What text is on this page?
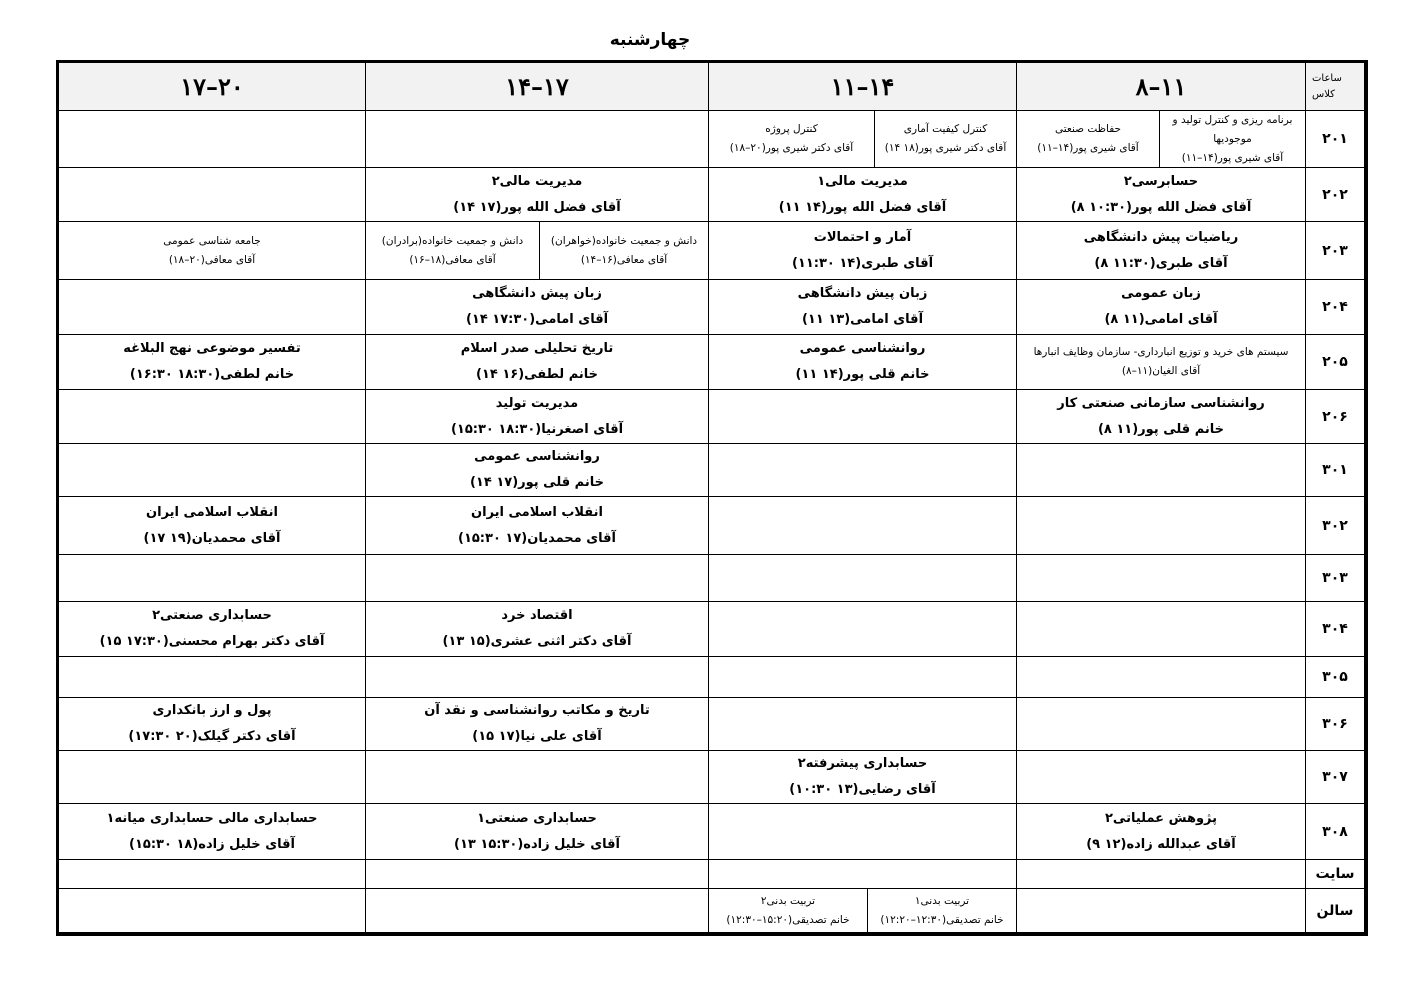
چهارشنبه
ساعات
کلاس
۸–۱۱
۱۱–۱۴
۱۴–۱۷
۱۷–۲۰
۲۰۱
برنامه ریزی و کنترل تولید و موجودیها
آقای شیری پور(۱۴–۱۱)
حفاظت صنعتی
آقای شیری پور(۱۴–۱۱)
کنترل کیفیت آماری
آقای دکتر شیری پور(۱۸ ۱۴)
کنترل پروژه
آقای دکتر شیری پور(۲۰–۱۸)
۲۰۲
حسابرسی۲
آقای فضل الله پور(۱۰:۳۰ ۸)
مدیریت مالی۱
آقای فضل الله پور(۱۴ ۱۱)
مدیریت مالی۲
آقای فضل الله پور(۱۷ ۱۴)
۲۰۳
ریاضیات پیش دانشگاهی
آقای طبری(۱۱:۳۰ ۸)
آمار و احتمالات
آقای طبری(۱۴ ۱۱:۳۰)
دانش و جمعیت خانواده(خواهران)
آقای معافی(۱۶–۱۴)
دانش و جمعیت خانواده(برادران)
آقای معافی(۱۸–۱۶)
جامعه شناسی عمومی
آقای معافی(۲۰–۱۸)
۲۰۴
زبان عمومی
آقای امامی(۱۱ ۸)
زبان پیش دانشگاهی
آقای امامی(۱۳ ۱۱)
زبان پیش دانشگاهی
آقای امامی(۱۷:۳۰ ۱۴)
۲۰۵
سیستم های خرید و توزیع انبارداری- سازمان وظایف انبارها
آقای الغیان(۱۱–۸)
روانشناسی عمومی
خانم قلی پور(۱۴ ۱۱)
تاریخ تحلیلی صدر اسلام
خانم لطفی(۱۶ ۱۴)
تفسیر موضوعی نهج البلاغه
خانم لطفی(۱۸:۳۰ ۱۶:۳۰)
۲۰۶
روانشناسی سازمانی صنعتی کار
خانم قلی پور(۱۱ ۸)
مدیریت تولید
آقای اصغرنیا(۱۸:۳۰ ۱۵:۳۰)
۳۰۱
روانشناسی عمومی
خانم قلی پور(۱۷ ۱۴)
۳۰۲
انقلاب اسلامی ایران
آقای محمدیان(۱۷ ۱۵:۳۰)
انقلاب اسلامی ایران
آقای محمدیان(۱۹ ۱۷)
۳۰۳
۳۰۴
اقتصاد خرد
آقای دکتر اثنی عشری(۱۵ ۱۳)
حسابداری صنعتی۲
آقای دکتر بهرام محسنی(۱۷:۳۰ ۱۵)
۳۰۵
۳۰۶
تاریخ و مکاتب روانشناسی و نقد آن
آقای علی نیا(۱۷ ۱۵)
پول و ارز بانکداری
آقای دکتر گیلک(۲۰ ۱۷:۳۰)
۳۰۷
حسابداری پیشرفته۲
آقای رضایی(۱۳ ۱۰:۳۰)
۳۰۸
پژوهش عملیاتی۲
آقای عبدالله زاده(۱۲ ۹)
حسابداری صنعتی۱
آقای خلیل زاده(۱۵:۳۰ ۱۳)
حسابداری مالی حسابداری میانه۱
آقای خلیل زاده(۱۸ ۱۵:۳۰)
سایت
سالن
تربیت بدنی۱
خانم تصدیقی(۱۲:۳۰–۱۲:۲۰)
تربیت بدنی۲
خانم تصدیقی(۱۵:۲۰–۱۲:۳۰)
